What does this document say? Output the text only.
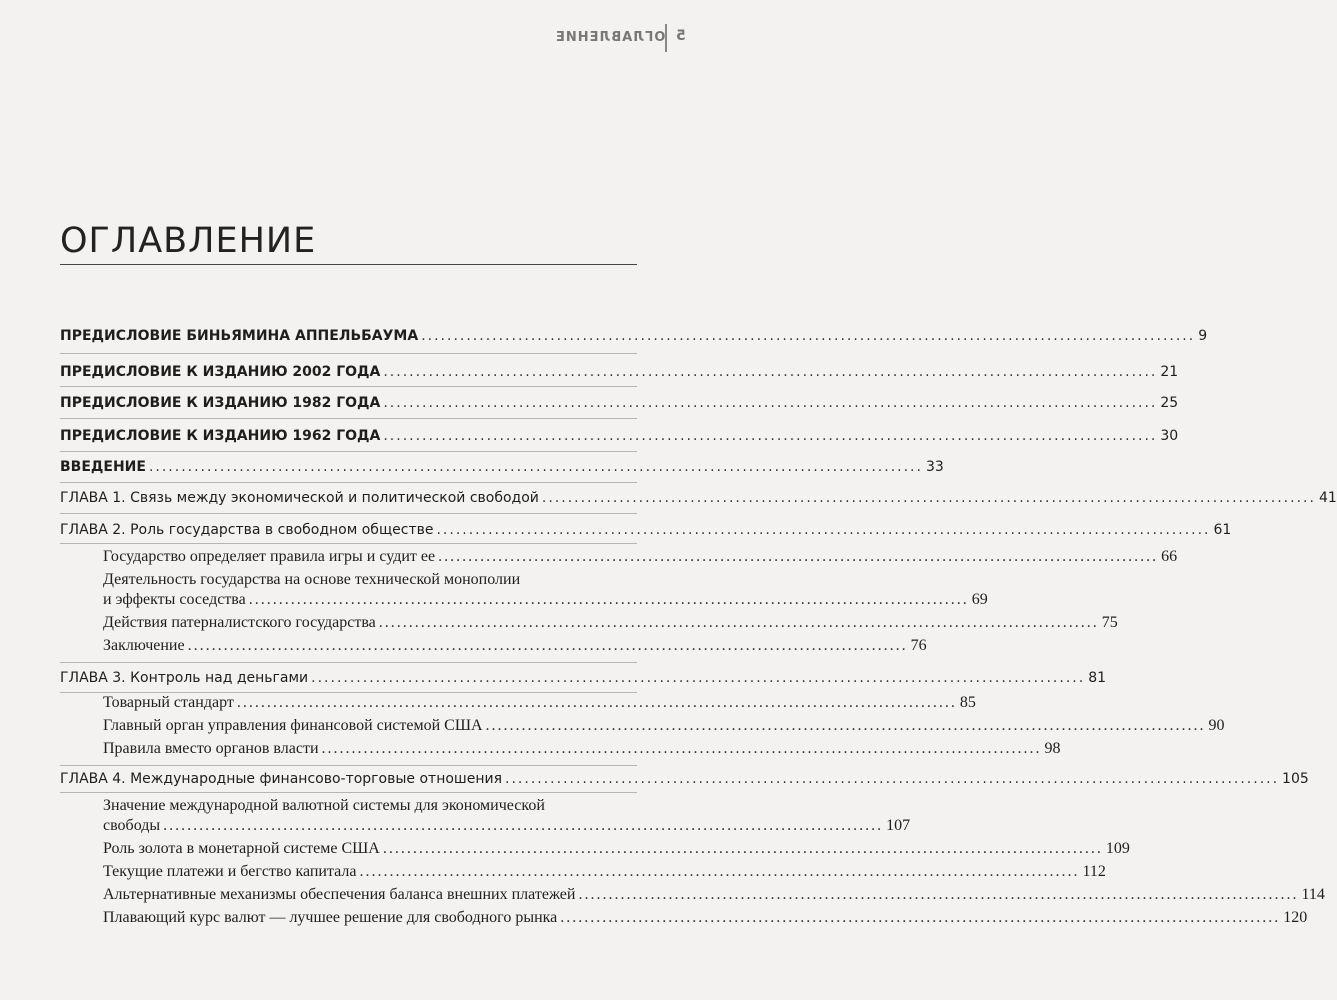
ОГЛАВЛЕНИЕ 5
ОГЛАВЛЕНИЕ
ПРЕДИСЛОВИЕ БИНЬЯМИНА АППЕЛЬБАУМА ........................................................................................................................ 9
ПРЕДИСЛОВИЕ К ИЗДАНИЮ 2002 ГОДА ........................................................................................................................ 21
ПРЕДИСЛОВИЕ К ИЗДАНИЮ 1982 ГОДА ........................................................................................................................ 25
ПРЕДИСЛОВИЕ К ИЗДАНИЮ 1962 ГОДА ........................................................................................................................ 30
ВВЕДЕНИЕ ........................................................................................................................ 33
ГЛАВА 1. Связь между экономической и политической свободой ........................................................................................................................ 41
ГЛАВА 2. Роль государства в свободном обществе ........................................................................................................................ 61
Государство определяет правила игры и судит ее ........................................................................................................................ 66
Деятельность государства на основе технической монополии
и эффекты соседства ........................................................................................................................ 69
Действия патерналистского государства ........................................................................................................................ 75
Заключение ........................................................................................................................ 76
ГЛАВА 3. Контроль над деньгами ........................................................................................................................ 81
Товарный стандарт ........................................................................................................................ 85
Главный орган управления финансовой системой США ........................................................................................................................ 90
Правила вместо органов власти ........................................................................................................................ 98
ГЛАВА 4. Международные финансово-торговые отношения ........................................................................................................................ 105
Значение международной валютной системы для экономической
свободы ........................................................................................................................ 107
Роль золота в монетарной системе США ........................................................................................................................ 109
Текущие платежи и бегство капитала ........................................................................................................................ 112
Альтернативные механизмы обеспечения баланса внешних платежей ........................................................................................................................ 114
Плавающий курс валют — лучшее решение для свободного рынка ........................................................................................................................ 120
